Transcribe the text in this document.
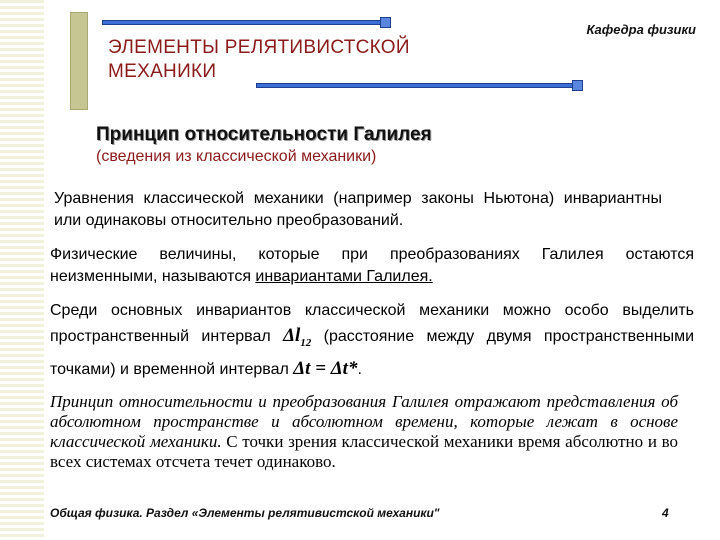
Кафедра физики
ЭЛЕМЕНТЫ РЕЛЯТИВИСТСКОЙ
МЕХАНИКИ
Принцип относительности Галилея
(сведения из классической механики)
Уравнения классической механики (например законы Ньютона) инвариантны или одинаковы относительно преобразований.
Физические величины, которые при преобразованиях Галилея остаются неизменными, называются инвариантами Галилея.
Среди основных инвариантов классической механики можно особо выделить пространственный интервал $\Delta l_{12}$ (расстояние между двумя пространственными точками) и временной интервал Δt = Δt*.
Принцип относительности и преобразования Галилея отражают представления об абсолютном пространстве и абсолютном времени, которые лежат в основе классической механики. С точки зрения классической механики время абсолютно и во всех системах отсчета течет одинаково.
Общая физика. Раздел «Элементы релятивистской механики"	4
